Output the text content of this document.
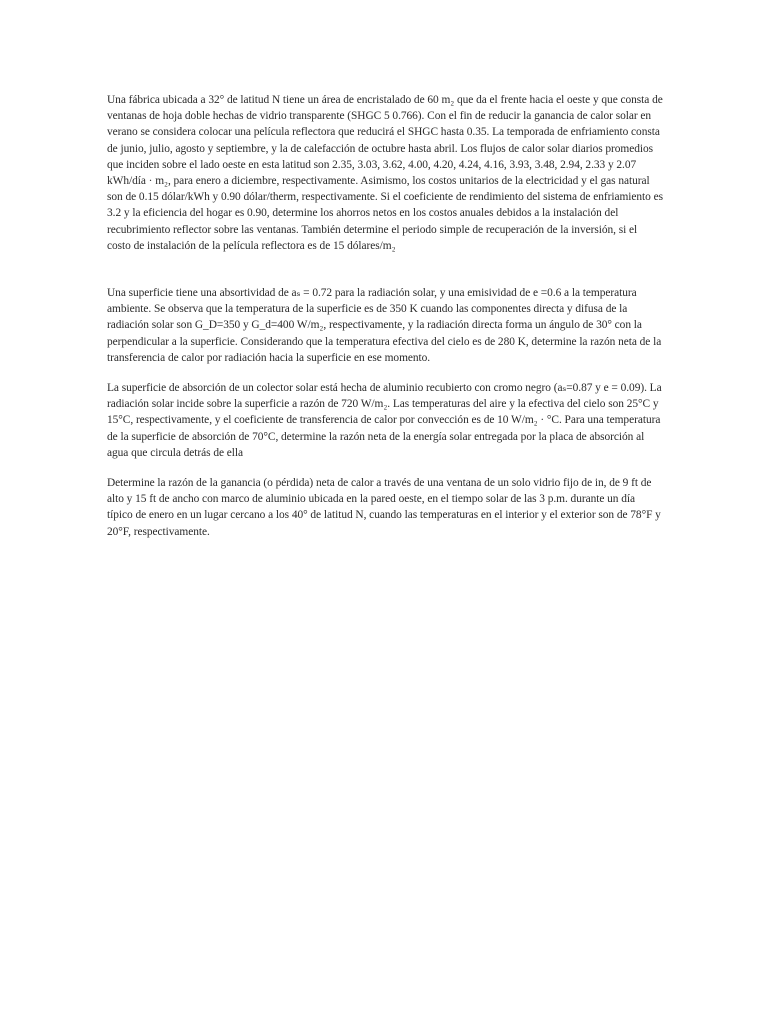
Una fábrica ubicada a 32° de latitud N tiene un área de encristalado de 60 m₂ que da el frente hacia el oeste y que consta de ventanas de hoja doble hechas de vidrio transparente (SHGC 5 0.766). Con el fin de reducir la ganancia de calor solar en verano se considera colocar una película reflectora que reducirá el SHGC hasta 0.35. La temporada de enfriamiento consta de junio, julio, agosto y septiembre, y la de calefacción de octubre hasta abril. Los flujos de calor solar diarios promedios que inciden sobre el lado oeste en esta latitud son 2.35, 3.03, 3.62, 4.00, 4.20, 4.24, 4.16, 3.93, 3.48, 2.94, 2.33 y 2.07 kWh/día · m₂, para enero a diciembre, respectivamente. Asimismo, los costos unitarios de la electricidad y el gas natural son de 0.15 dólar/kWh y 0.90 dólar/therm, respectivamente. Si el coeficiente de rendimiento del sistema de enfriamiento es 3.2 y la eficiencia del hogar es 0.90, determine los ahorros netos en los costos anuales debidos a la instalación del recubrimiento reflector sobre las ventanas. También determine el periodo simple de recuperación de la inversión, si el costo de instalación de la película reflectora es de 15 dólares/m₂

Una superficie tiene una absortividad de aₛ = 0.72 para la radiación solar, y una emisividad de e =0.6 a la temperatura ambiente. Se observa que la temperatura de la superficie es de 350 K cuando las componentes directa y difusa de la radiación solar son G_D=350 y G_d=400 W/m₂, respectivamente, y la radiación directa forma un ángulo de 30° con la perpendicular a la superficie. Considerando que la temperatura efectiva del cielo es de 280 K, determine la razón neta de la transferencia de calor por radiación hacia la superficie en ese momento.

La superficie de absorción de un colector solar está hecha de aluminio recubierto con cromo negro (aₛ=0.87 y e = 0.09). La radiación solar incide sobre la superficie a razón de 720 W/m₂. Las temperaturas del aire y la efectiva del cielo son 25°C y 15°C, respectivamente, y el coeficiente de transferencia de calor por convección es de 10 W/m₂ · °C. Para una temperatura de la superficie de absorción de 70°C, determine la razón neta de la energía solar entregada por la placa de absorción al agua que circula detrás de ella

Determine la razón de la ganancia (o pérdida) neta de calor a través de una ventana de un solo vidrio fijo de in, de 9 ft de alto y 15 ft de ancho con marco de aluminio ubicada en la pared oeste, en el tiempo solar de las 3 p.m. durante un día típico de enero en un lugar cercano a los 40° de latitud N, cuando las temperaturas en el interior y el exterior son de 78°F y 20°F, respectivamente.
